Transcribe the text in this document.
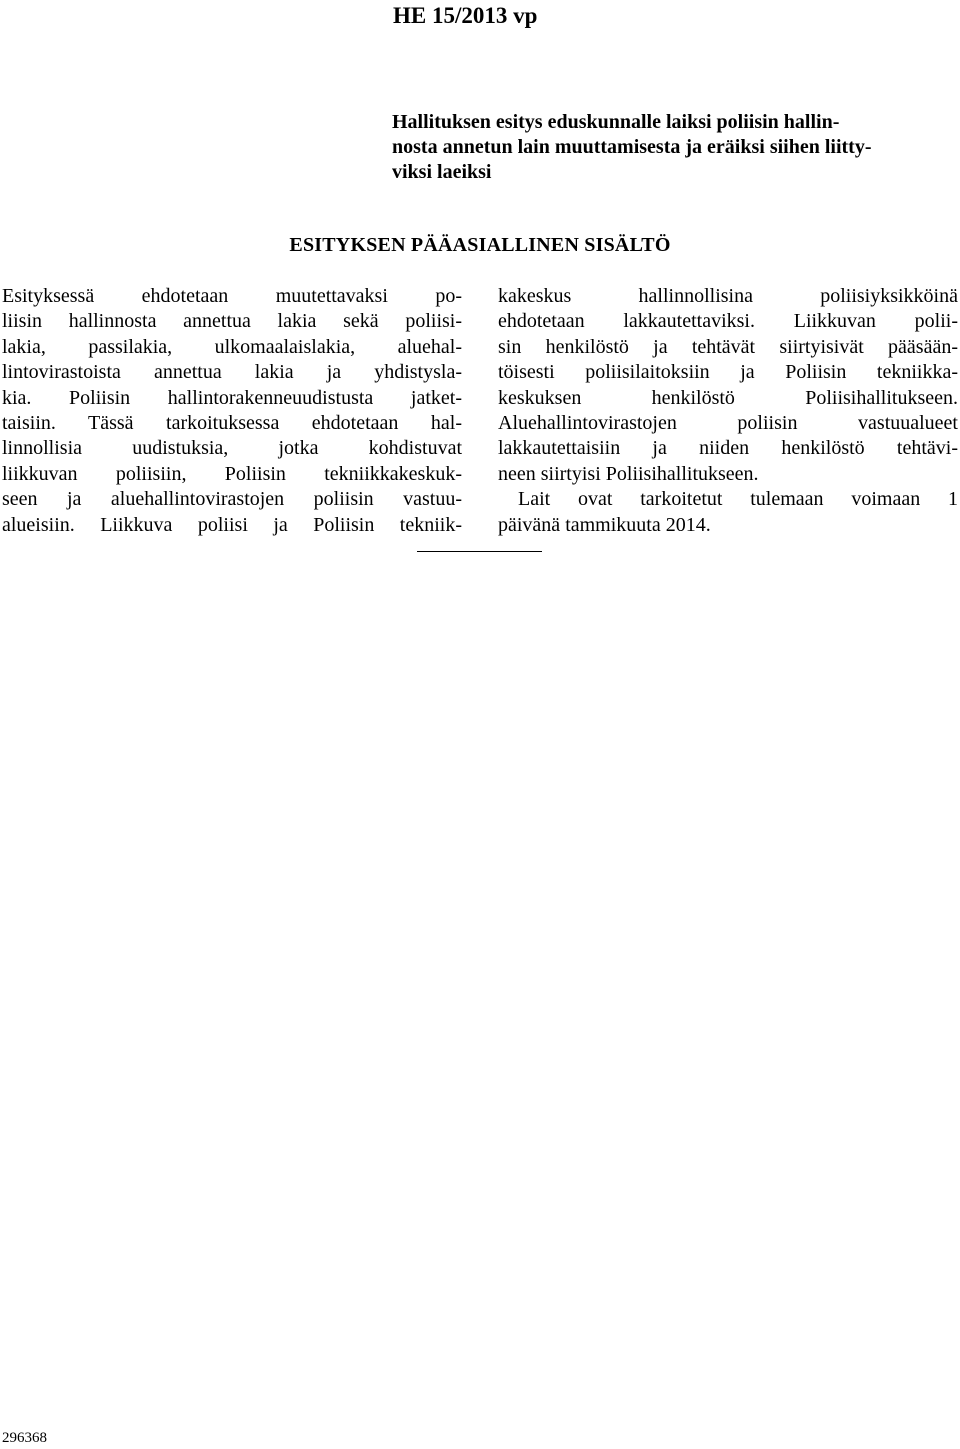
HE 15/2013 vp
Hallituksen esitys eduskunnalle laiksi poliisin hallin-
nosta annetun lain muuttamisesta ja eräiksi siihen liitty-
viksi laeiksi
ESITYKSEN PÄÄASIALLINEN SISÄLTÖ
Esityksessä ehdotetaan muutettavaksi po-
liisin hallinnosta annettua lakia sekä poliisi-
lakia, passilakia, ulkomaalaislakia, aluehal-
lintovirastoista annettua lakia ja yhdistysla-
kia. Poliisin hallintorakenneuudistusta jatket-
taisiin. Tässä tarkoituksessa ehdotetaan hal-
linnollisia uudistuksia, jotka kohdistuvat
liikkuvan poliisiin, Poliisin tekniikkakeskuk-
seen ja aluehallintovirastojen poliisin vastuu-
alueisiin. Liikkuva poliisi ja Poliisin tekniik-
kakeskus hallinnollisina poliisiyksikköinä
ehdotetaan lakkautettaviksi. Liikkuvan polii-
sin henkilöstö ja tehtävät siirtyisivät pääsään-
töisesti poliisilaitoksiin ja Poliisin tekniikka-
keskuksen henkilöstö Poliisihallitukseen.
Aluehallintovirastojen poliisin vastuualueet
lakkautettaisiin ja niiden henkilöstö tehtävi-
neen siirtyisi Poliisihallitukseen.
Lait ovat tarkoitetut tulemaan voimaan 1
päivänä tammikuuta 2014.
296368
